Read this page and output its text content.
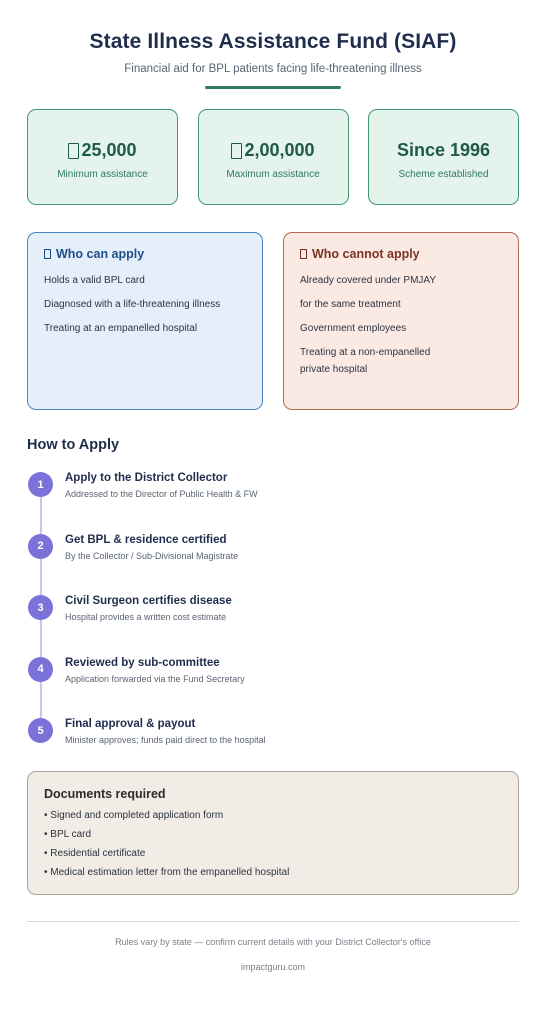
State Illness Assistance Fund (SIAF)

Financial aid for BPL patients facing life-threatening illness

25,000
Minimum assistance
2,00,000
Maximum assistance
Since 1996
Scheme established
Who can apply
Holds a valid BPL card
Diagnosed with a life-threatening illness
Treating at an empanelled hospital
Who cannot apply
Already covered under PMJAY
for the same treatment
Government employees
Treating at a non-empanelled
private hospital
How to Apply
1
Apply to the District Collector
Addressed to the Director of Public Health & FW
2
Get BPL & residence certified
By the Collector / Sub-Divisional Magistrate
3
Civil Surgeon certifies disease
Hospital provides a written cost estimate
4
Reviewed by sub-committee
Application forwarded via the Fund Secretary
5
Final approval & payout
Minister approves; funds paid direct to the hospital
Documents required
• Signed and completed application form
• BPL card
• Residential certificate
• Medical estimation letter from the empanelled hospital

Rules vary by state — confirm current details with your District Collector's office

impactguru.com
